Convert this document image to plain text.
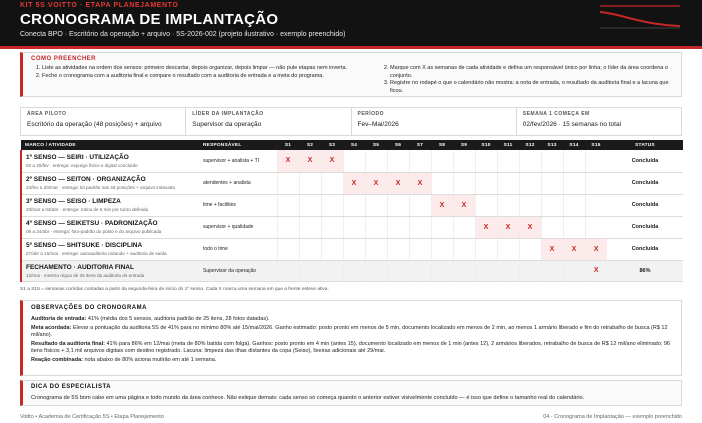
KIT 5S VOITTO · ETAPA PLANEJAMENTO
CRONOGRAMA DE IMPLANTAÇÃO
Conecta BPO · Escritório da operação + arquivo · 5S-2026-002 (projeto ilustrativo · exemplo preenchido)
COMO PREENCHER
1. Liste as atividades na ordem dos sensos: primeiro descartar, depois organizar, depois limpar — não pule etapas nem inverta.
2. Feche o cronograma com a auditoria final e compare o resultado com a auditoria de entrada e a meta do programa.
2. Marque com X as semanas de cada atividade e defina um responsável único por linha; o líder da área coordena o conjunto.
3. Registre no rodapé o que o calendário não mostra: a nota de entrada, o resultado da auditoria final e a lacuna que ficou.
ÁREA PILOTO
Escritório da operação (48 posições) + arquivo
LÍDER DA IMPLANTAÇÃO
Supervisor da operação
PERÍODO
Fev–Mai/2026
SEMANA 1 COMEÇA EM
02/fev/2026 · 15 semanas no total
MARCO / ATIVIDADE	RESPONSÁVEL	S1	S2	S3	S4	S5	S6	S7	S8	S9	S10	S11	S12	S13	S14	S15	STATUS

1º SENSO — SEIRI · UTILIZAÇÃO
02 a 20/fev · entrega: expurgo físico e digital concluído	supervisor + analista + TI	X	X	X													Concluída

2º SENSO — SEITON · ORGANIZAÇÃO
23/fev a 20/mar · entrega: kit padrão nas 48 posições + arquivo indexado	atendentes + analista				X	X	X	X									Concluída

3º SENSO — SEISO · LIMPEZA
23/mar a 03/abr · entrega: rotina de 5 min por turno definida	time + facilities								X	X							Concluída

4º SENSO — SEIKETSU · PADRONIZAÇÃO
06 a 24/abr · entrega: foto-padrão do posto e do arquivo publicada	supervisor + qualidade										X	X	X				Concluída

5º SENSO — SHITSUKE · DISCIPLINA
27/abr a 15/mai · entrega: autoauditoria rodando + auditoria de saída	todo o time													X	X	X	Concluída

FECHAMENTO · AUDITORIA FINAL
12/mai · mesma régua de 25 itens da auditoria de entrada	Supervisor da operação															X	86%
S1 a S15 = semanas corridas contadas a partir da segunda-feira de início do 1º senso. Cada X marca uma semana em que a frente esteve ativa.
OBSERVAÇÕES DO CRONOGRAMA

Auditoria de entrada: 41% (média dos 5 sensos, auditoria padrão de 25 itens, 28 fotos datadas).

Meta acordada: Elevar a pontuação da auditoria 5S de 41% para no mínimo 80% até 15/mai/2026. Ganho estimado: posto pronto em menos de 5 min, documento localizado em menos de 2 min, ao menos 1 armário liberado e fim do retrabalho de busca (R$ 12 mil/ano).

Resultado da auditoria final: 41% para 86% em 12/mai (meta de 80% batida com folga). Ganhos: posto pronto em 4 min (antes 15), documento localizado em menos de 1 min (antes 12), 2 armários liberados, retrabalho de busca de R$ 12 mil/ano eliminado; 96 itens físicos + 3,1 mil arquivos digitais com destino registrado. Lacuna: limpeza das ilhas distantes da copa (Seiso), lixeiras adicionais até 29/mai.

Reação combinada: nota abaixo de 80% aciona mutirão em até 1 semana.

DICA DO ESPECIALISTA
Cronograma de 5S bom cabe em uma página e todo mundo da área conhece. Não estique demais: cada senso só começa quando o anterior estiver visivelmente concluído — é isso que define o tamanho real do calendário.
Voitto • Academia de Certificação 5S • Etapa Planejamento	04 · Cronograma de Implantação — exemplo preenchido
